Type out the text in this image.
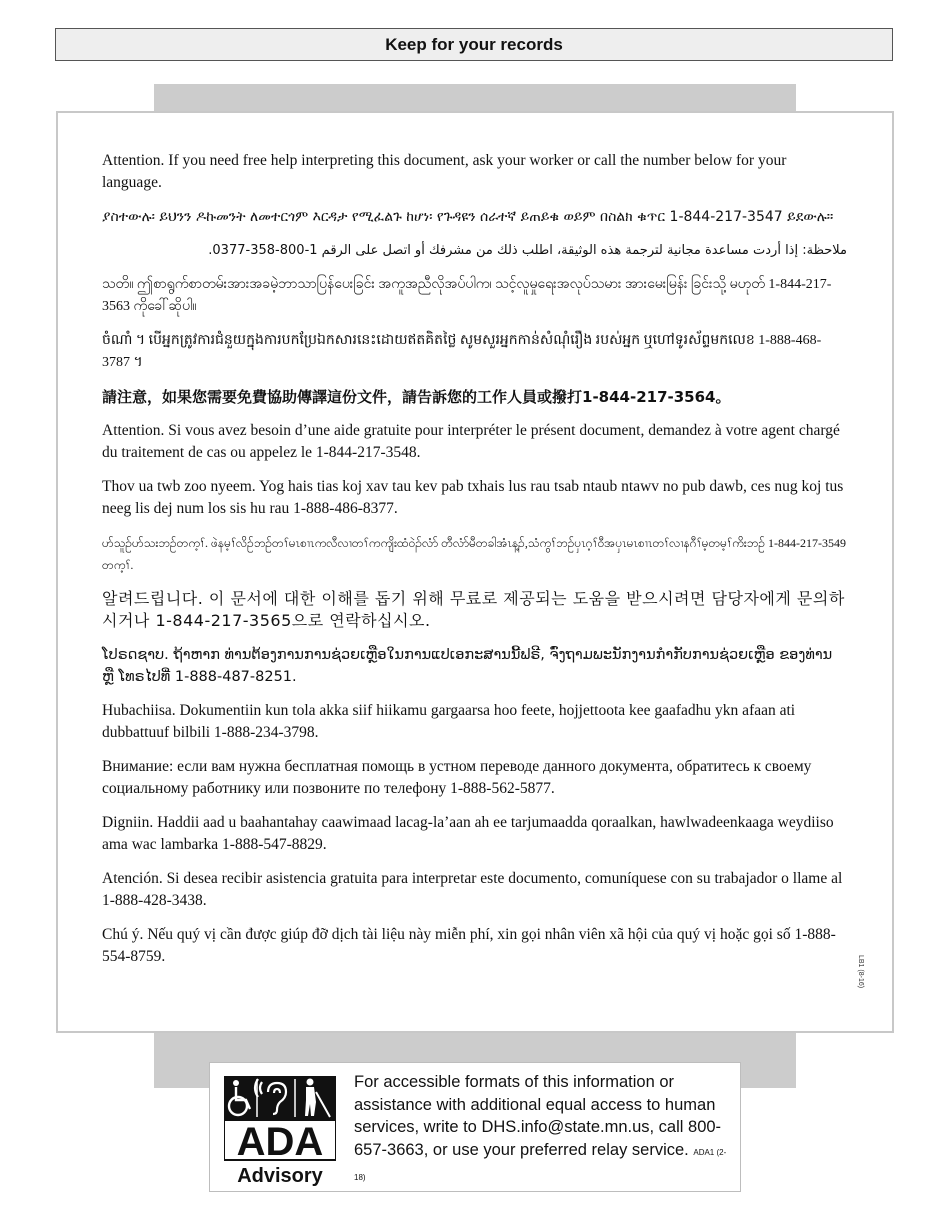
Keep for your records

Attention. If you need free help interpreting this document, ask your worker or call the number below for your language.

ያስተውሉ፡ ይህንን ዶኩመንት ለመተርጎም እርዳታ የሚፈልጉ ከሆነ፡ የጉዳዩን ሰራተኛ ይጠይቁ ወይም በስልክ ቁጥር 1-844-217-3547 ይደውሉ።

ملاحظة: إذا أردت مساعدة مجانية لترجمة هذه الوثيقة، اطلب ذلك من مشرفك أو اتصل على الرقم 1-800-358-0377.

သတိ။ ဤစာရွက်စာတမ်းအားအခမဲ့ဘာသာပြန်ပေးခြင်း အကူအညီလိုအပ်ပါက၊ သင့်လူမှုရေးအလုပ်သမား အားမေးမြန်း ခြင်းသို့ မဟုတ် 1-844-217-3563 ကိုခေါ်ဆိုပါ။

ចំណាំ ។ បើអ្នកត្រូវការជំនួយក្នុងការបកប្រែឯកសារនេះដោយឥតគិតថ្លៃ សូមសួរអ្នកកាន់សំណុំរឿង របស់អ្នក ឬហៅទូរស័ព្ទមកលេខ 1-888-468-3787 ។

請注意，如果您需要免費協助傳譯這份文件，請告訴您的工作人員或撥打1-844-217-3564。

Attention. Si vous avez besoin d’une aide gratuite pour interpréter le présent document, demandez à votre agent chargé du traitement de cas ou appelez le 1-844-217-3548.

Thov ua twb zoo nyeem. Yog hais tias koj xav tau kev pab txhais lus rau tsab ntaub ntawv no pub dawb, ces nug koj tus neeg lis dej num los sis hu rau 1-888-486-8377.

ဟ်သူဉ်ဟ်သးဘဉ်တက့ၢ်. ဖဲနမ့ၢ်လိဉ်ဘဉ်တၢ်မၤစၢၤကလီလၢတၢ်ကကျိးထံဝဲၣ်လံာ် တီလံာ်မီတခါအံၤန့ၣ်,သံကွၢ်ဘဉ်ပှၤဂ့ၢ်ဝီအပှၤမၤစၢၤတၢ်လၢနဂီၢ်မ့တမ့ၢ်ကိးဘဉ် 1-844-217-3549 တက့ၢ်.

알려드립니다. 이 문서에 대한 이해를 돕기 위해 무료로 제공되는 도움을 받으시려면 담당자에게 문의하시거나 1-844-217-3565으로 연락하십시오.

ໂປຣດຊາບ. ຖ້າຫາກ ທ່ານຕ້ອງການການຊ່ວຍເຫຼືອໃນການແປເອກະສານນີ້ຟຣີ, ຈົ່ງຖາມພະນັກງານກໍາກັບການຊ່ວຍເຫຼືອ ຂອງທ່ານ ຫຼື ໂທຣໄປທີ່ 1-888-487-8251.

Hubachiisa. Dokumentiin kun tola akka siif hiikamu gargaarsa hoo feete, hojjettoota kee gaafadhu ykn afaan ati dubbattuuf bilbili 1-888-234-3798.

Внимание: если вам нужна бесплатная помощь в устном переводе данного документа, обратитесь к своему социальному работнику или позвоните по телефону 1-888-562-5877.

Digniin. Haddii aad u baahantahay caawimaad lacag-la’aan ah ee tarjumaadda qoraalkan, hawlwadeenkaaga weydiiso ama wac lambarka 1-888-547-8829.

Atención. Si desea recibir asistencia gratuita para interpretar este documento, comuníquese con su trabajador o llame al 1-888-428-3438.

Chú ý. Nếu quý vị cần được giúp đỡ dịch tài liệu này miễn phí, xin gọi nhân viên xã hội của quý vị hoặc gọi số 1-888-554-8759.	LB1 (8-16)
ADA
Advisory
For accessible formats of this information or assistance with additional equal access to human services, write to DHS.info@state.mn.us, call 800-657-3663, or use your preferred relay service. ADA1 (2-18)
